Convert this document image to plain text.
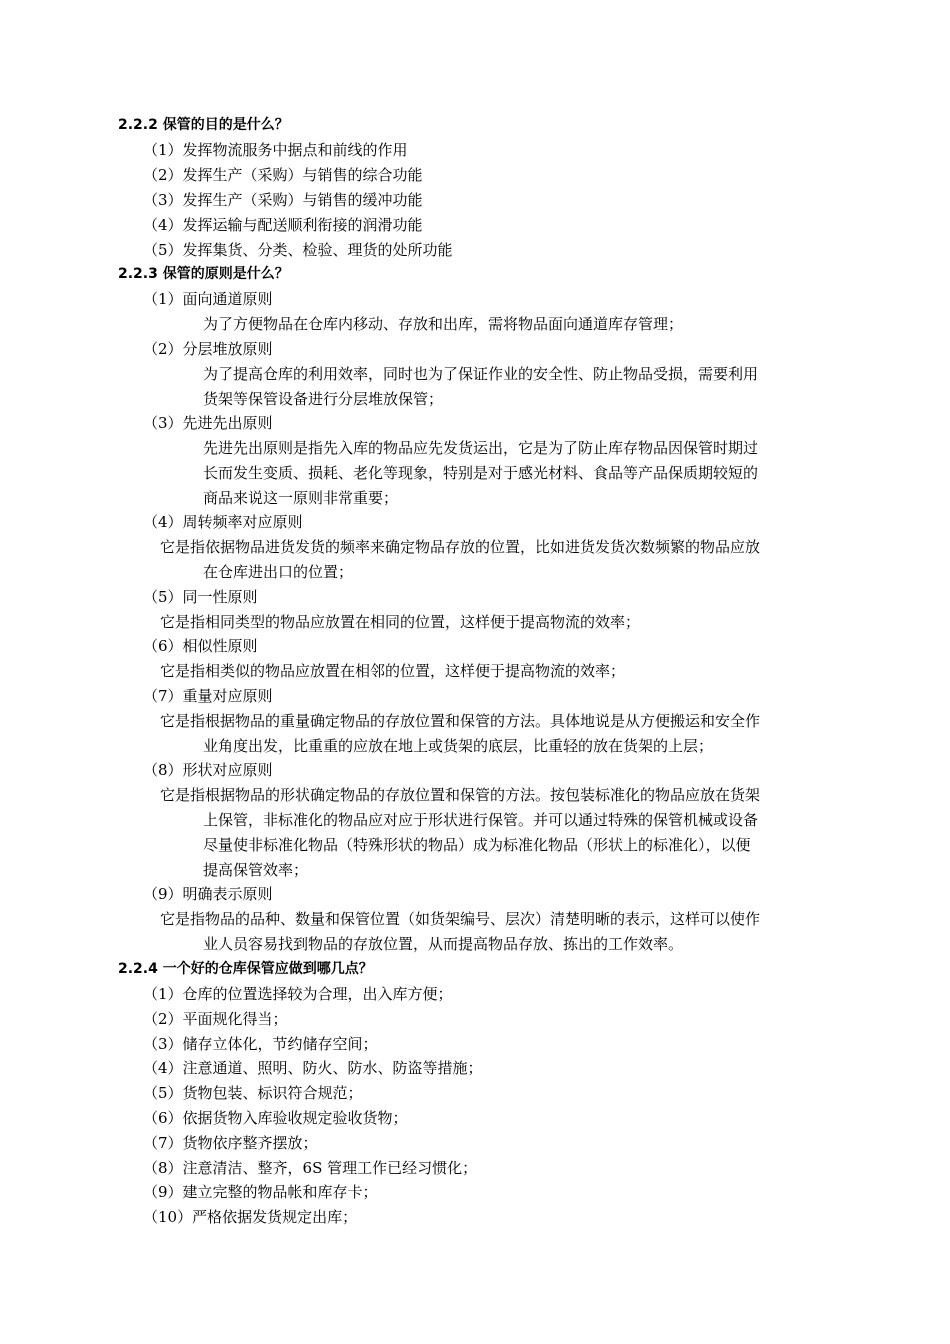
2.2.2 保管的目的是什么？
（1）发挥物流服务中据点和前线的作用
（2）发挥生产（采购）与销售的综合功能
（3）发挥生产（采购）与销售的缓冲功能
（4）发挥运输与配送顺利衔接的润滑功能
（5）发挥集货、分类、检验、理货的处所功能
2.2.3 保管的原则是什么？
（1）面向通道原则
为了方便物品在仓库内移动、存放和出库，需将物品面向通道库存管理；
（2）分层堆放原则
为了提高仓库的利用效率，同时也为了保证作业的安全性、防止物品受损，需要利用
货架等保管设备进行分层堆放保管；
（3）先进先出原则
先进先出原则是指先入库的物品应先发货运出，它是为了防止库存物品因保管时期过
长而发生变质、损耗、老化等现象，特别是对于感光材料、食品等产品保质期较短的
商品来说这一原则非常重要；
（4）周转频率对应原则
它是指依据物品进货发货的频率来确定物品存放的位置，比如进货发货次数频繁的物品应放
在仓库进出口的位置；
（5）同一性原则
它是指相同类型的物品应放置在相同的位置，这样便于提高物流的效率；
（6）相似性原则
它是指相类似的物品应放置在相邻的位置，这样便于提高物流的效率；
（7）重量对应原则
它是指根据物品的重量确定物品的存放位置和保管的方法。具体地说是从方便搬运和安全作
业角度出发，比重重的应放在地上或货架的底层，比重轻的放在货架的上层；
（8）形状对应原则
它是指根据物品的形状确定物品的存放位置和保管的方法。按包装标准化的物品应放在货架
上保管，非标准化的物品应对应于形状进行保管。并可以通过特殊的保管机械或设备
尽量使非标准化物品（特殊形状的物品）成为标准化物品（形状上的标准化），以便
提高保管效率；
（9）明确表示原则
它是指物品的品种、数量和保管位置（如货架编号、层次）清楚明晰的表示，这样可以使作
业人员容易找到物品的存放位置，从而提高物品存放、拣出的工作效率。
2.2.4 一个好的仓库保管应做到哪几点？
（1）仓库的位置选择较为合理，出入库方便；
（2）平面规化得当；
（3）储存立体化，节约储存空间；
（4）注意通道、照明、防火、防水、防盗等措施；
（5）货物包装、标识符合规范；
（6）依据货物入库验收规定验收货物；
（7）货物依序整齐摆放；
（8）注意清洁、整齐，6S 管理工作已经习惯化；
（9）建立完整的物品帐和库存卡；
（10）严格依据发货规定出库；
